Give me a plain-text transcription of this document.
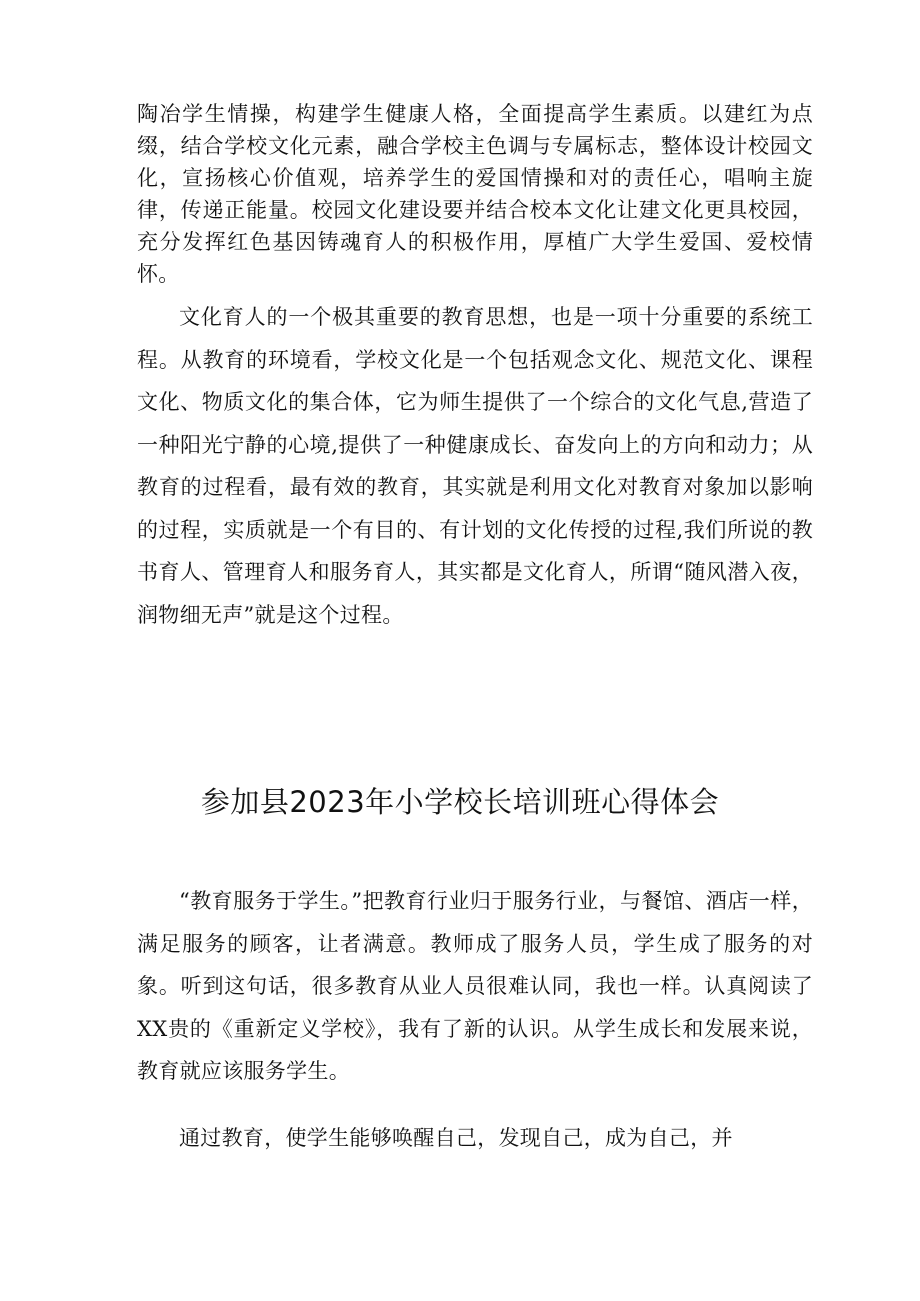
陶冶学生情操，构建学生健康人格，全面提高学生素质。以建红为点缀，结合学校文化元素，融合学校主色调与专属标志，整体设计校园文化，宣扬核心价值观，培养学生的爱国情操和对的责任心，唱响主旋律，传递正能量。校园文化建设要并结合校本文化让建文化更具校园，充分发挥红色基因铸魂育人的积极作用，厚植广大学生爱国、爱校情怀。

文化育人的一个极其重要的教育思想，也是一项十分重要的系统工程。从教育的环境看，学校文化是一个包括观念文化、规范文化、课程文化、物质文化的集合体，它为师生提供了一个综合的文化气息,营造了一种阳光宁静的心境,提供了一种健康成长、奋发向上的方向和动力；从教育的过程看，最有效的教育，其实就是利用文化对教育对象加以影响的过程，实质就是一个有目的、有计划的文化传授的过程,我们所说的教书育人、管理育人和服务育人，其实都是文化育人，所谓“随风潜入夜，润物细无声”就是这个过程。

参加县2023年小学校长培训班心得体会

“教育服务于学生。”把教育行业归于服务行业，与餐馆、酒店一样，满足服务的顾客，让者满意。教师成了服务人员，学生成了服务的对象。听到这句话，很多教育从业人员很难认同，我也一样。认真阅读了XX贵的《重新定义学校》，我有了新的认识。从学生成长和发展来说，教育就应该服务学生。

通过教育，使学生能够唤醒自己，发现自己，成为自己，并
